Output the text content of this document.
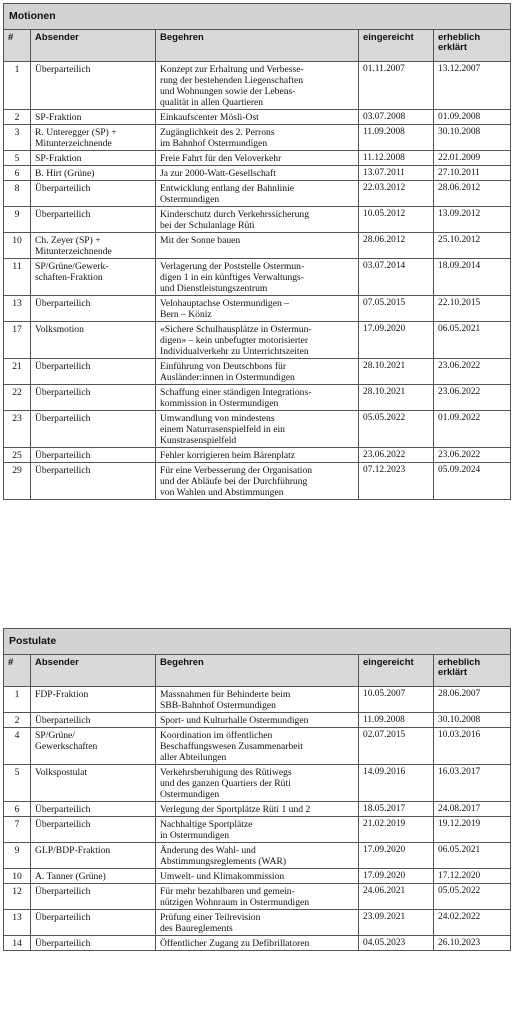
Motionen				
#	Absender	Begehren	eingereicht	erheblich
erklärt
1	Überparteilich	Konzept zur Erhaltung und Verbesse-
rung der bestehenden Liegenschaften
und Wohnungen sowie der Lebens-
qualität in allen Quartieren	01.11.2007	13.12.2007
2	SP-Fraktion	Einkaufscenter Mösli-Ost	03.07.2008	01.09.2008
3	R. Unteregger (SP) +
Mitunterzeichnende	Zugänglichkeit des 2. Perrons
im Bahnhof Ostermundigen	11.09.2008	30.10.2008
5	SP-Fraktion	Freie Fahrt für den Veloverkehr	11.12.2008	22.01.2009
6	B. Hirt (Grüne)	Ja zur 2000-Watt-Gesellschaft	13.07.2011	27.10.2011
8	Überparteilich	Entwicklung entlang der Bahnlinie
Ostermundigen	22.03.2012	28.06.2012
9	Überparteilich	Kinderschutz durch Verkehrssicherung
bei der Schulanlage Rüti	10.05.2012	13.09.2012
10	Ch. Zeyer (SP) +
Mitunterzeichnende	Mit der Sonne bauen	28.06.2012	25.10.2012
11	SP/Grüne/Gewerk-
schaften-Fraktion	Verlagerung der Poststelle Ostermun-
digen 1 in ein künftiges Verwaltungs-
und Dienstleistungszentrum	03.07.2014	18.09.2014
13	Überparteilich	Velohauptachse Ostermundigen –
Bern – Köniz	07.05.2015	22.10.2015
17	Volksmotion	«Sichere Schulhausplätze in Ostermun-
digen» – kein unbefugter motorisierter
Individualverkehr zu Unterrichtszeiten	17.09.2020	06.05.2021
21	Überparteilich	Einführung von Deutschbons für
Ausländer:innen in Ostermundigen	28.10.2021	23.06.2022
22	Überparteilich	Schaffung einer ständigen Integrations-
kommission in Ostermundigen	28.10.2021	23.06.2022
23	Überparteilich	Umwandlung von mindestens
einem Naturrasenspielfeld in ein
Kunstrasenspielfeld	05.05.2022	01.09.2022
25	Überparteilich	Fehler korrigieren beim Bärenplatz	23.06.2022	23.06.2022
29	Überparteilich	Für eine Verbesserung der Organisation
und der Abläufe bei der Durchführung
von Wahlen und Abstimmungen	07.12.2023	05.09.2024
Postulate				
#	Absender	Begehren	eingereicht	erheblich
erklärt
1	FDP-Fraktion	Massnahmen für Behinderte beim
SBB-Bahnhof Ostermundigen	10.05.2007	28.06.2007
2	Überparteilich	Sport- und Kulturhalle Ostermundigen	11.09.2008	30.10.2008
4	SP/Grüne/
Gewerkschaften	Koordination im öffentlichen
Beschaffungswesen Zusammenarbeit
aller Abteilungen	02.07.2015	10.03.2016
5	Volkspostulat	Verkehrsberuhigung des Rütiwegs
und des ganzen Quartiers der Rüti
Ostermundigen	14.09.2016	16.03.2017
6	Überparteilich	Verlegung der Sportplätze Rüti 1 und 2	18.05.2017	24.08.2017
7	Überparteilich	Nachhaltige Sportplätze
in Ostermundigen	21.02.2019	19.12.2019
9	GLP/BDP-Fraktion	Änderung des Wahl- und
Abstimmungsreglements (WAR)	17.09.2020	06.05.2021
10	A. Tanner (Grüne)	Umwelt- und Klimakommission	17.09.2020	17.12.2020
12	Überparteilich	Für mehr bezahlbaren und gemein-
nützigen Wohnraum in Ostermundigen	24.06.2021	05.05.2022
13	Überparteilich	Prüfung einer Teilrevision
des Baureglements	23.09.2021	24.02.2022
14	Überparteilich	Öffentlicher Zugang zu Defibrillatoren	04.05.2023	26.10.2023
